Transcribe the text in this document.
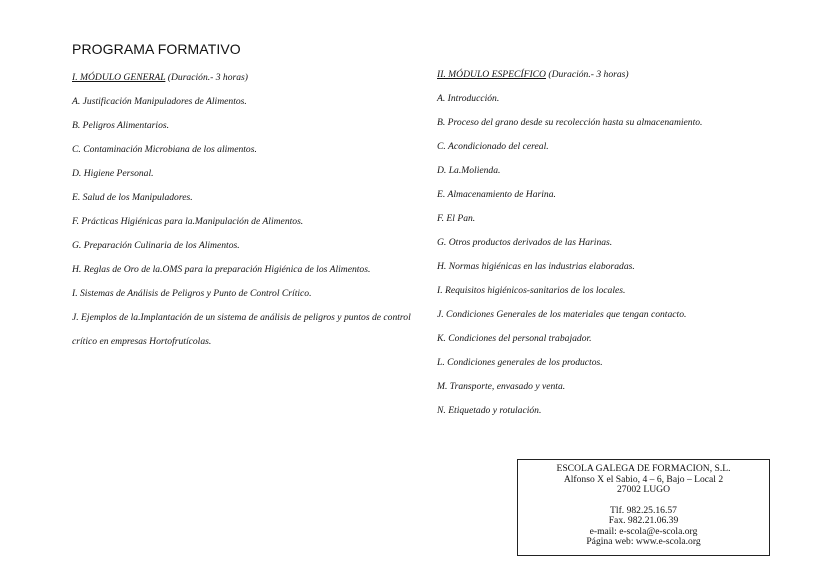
PROGRAMA FORMATIVO
I. MÓDULO GENERAL (Duración.- 3 horas)
A. Justificación Manipuladores de Alimentos.
B. Peligros Alimentarios.
C. Contaminación Microbiana de los alimentos.
D. Higiene Personal.
E. Salud de los Manipuladores.
F. Prácticas Higiénicas para la.Manipulación de Alimentos.
G. Preparación Culinaria de los Alimentos.
H. Reglas de Oro de la.OMS para la preparación Higiénica de los Alimentos.
I. Sistemas de Análisis de Peligros y Punto de Control Crítico.
J. Ejemplos de la.Implantación de un sistema de análisis de peligros y puntos de control crítico en empresas Hortofrutícolas.
II. MÓDULO ESPECÍFICO (Duración.- 3 horas)
A. Introducción.
B. Proceso del grano desde su recolección hasta su almacenamiento.
C. Acondicionado del cereal.
D. La.Molienda.
E. Almacenamiento de Harina.
F. El Pan.
G. Otros productos derivados de las Harinas.
H. Normas higiénicas en las industrias elaboradas.
I. Requisitos higiénicos-sanitarios de los locales.
J. Condiciones Generales de los materiales que tengan contacto.
K. Condiciones del personal trabajador.
L. Condiciones generales de los productos.
M. Transporte, envasado y venta.
N. Etiquetado y rotulación.
ESCOLA GALEGA DE FORMACION, S.L.
Alfonso X el Sabio, 4 – 6, Bajo – Local 2
27002 LUGO
Tlf. 982.25.16.57
Fax. 982.21.06.39
e-mail: e-scola@e-scola.org
Página web: www.e-scola.org
